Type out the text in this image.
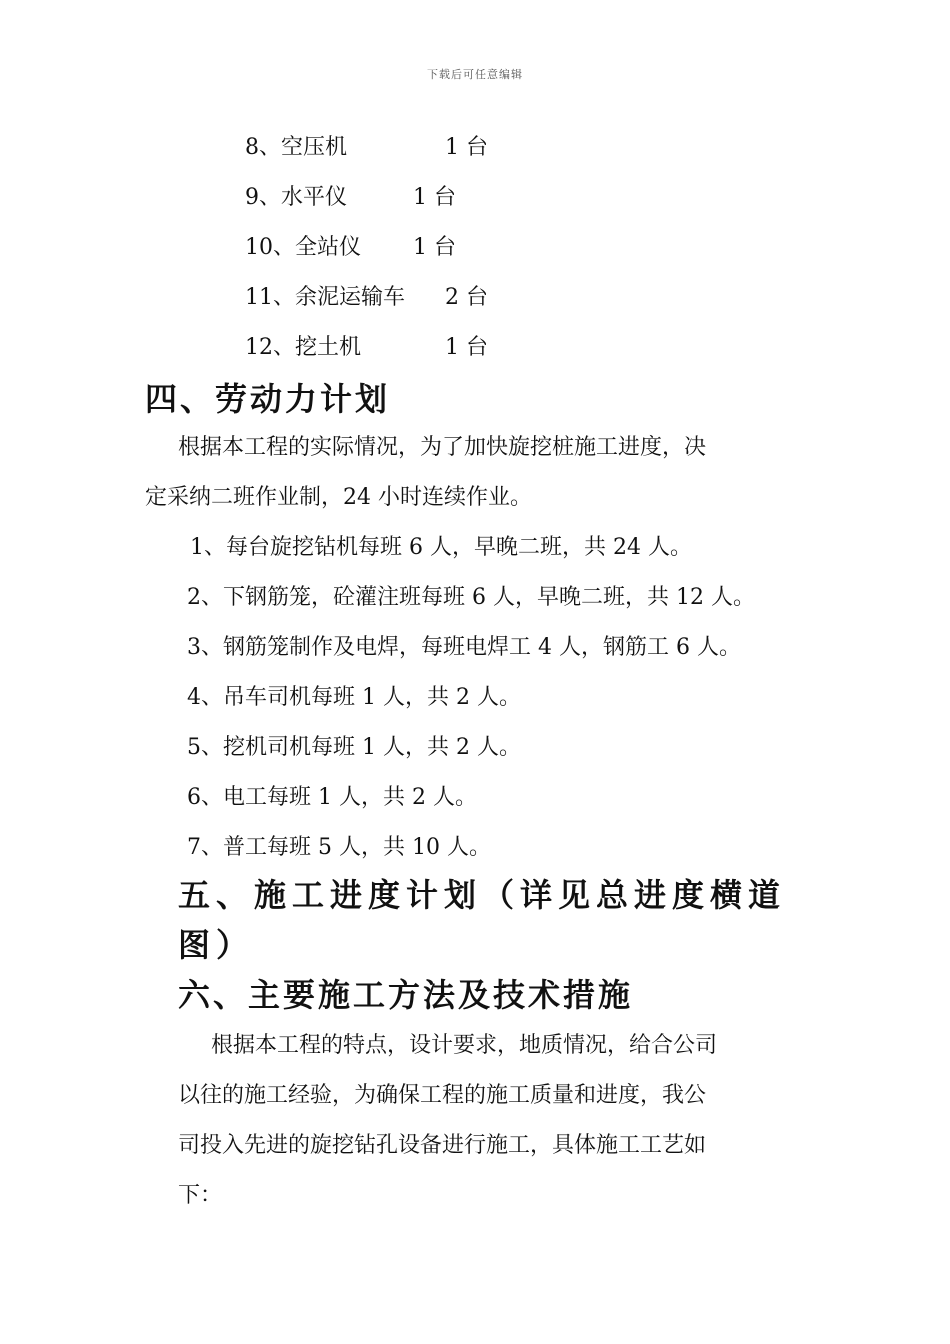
下载后可任意编辑
8、空压机	1 台
9、水平仪	1 台
10、全站仪 1 台
11、余泥运输车 2 台
12、挖土机	1 台
四、劳动力计划
根据本工程的实际情况，为了加快旋挖桩施工进度，决
定采纳二班作业制，24 小时连续作业。
1、每台旋挖钻机每班 6 人，早晚二班，共 24 人。
2、下钢筋笼，砼灌注班每班 6 人，早晚二班，共 12 人。
3、钢筋笼制作及电焊，每班电焊工 4 人，钢筋工 6 人。
4、吊车司机每班 1 人，共 2 人。
5、挖机司机每班 1 人，共 2 人。
6、电工每班 1 人，共 2 人。
7、普工每班 5 人，共 10 人。
五、施工进度计划（详见总进度横道
图）
六、主要施工方法及技术措施
根据本工程的特点，设计要求，地质情况，给合公司
以往的施工经验，为确保工程的施工质量和进度，我公
司投入先进的旋挖钻孔设备进行施工，具体施工工艺如
下：
